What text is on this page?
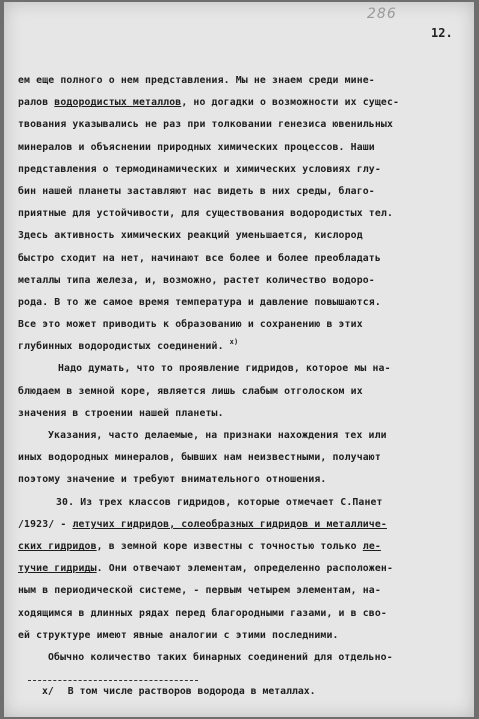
286
12.
ем еще полного о нем представления. Мы не знаем среди мине-
ралов водородистых металлов, но догадки о возможности их сущес-
твования указывались не раз при толковании генезиса ювенильных
минералов и объяснении природных химических процессов. Наши
представления о термодинамических и химических условиях глу-
бин нашей планеты заставляют нас видеть в них среды, благо-
приятные для устойчивости, для существования водородистых тел.
Здесь активность химических реакций уменьшается, кислород
быстро сходит на нет, начинают все более и более преобладать
металлы типа железа, и, возможно, растет количество водоро-
рода. В то же самое время температура и давление повышаются.
Все это может приводить к образованию и сохранению в этих
глубинных водородистых соединений. $^{x)}$
Надо думать, что то проявление гидридов, которое мы на-
блюдаем в земной коре, является лишь слабым отголоском их
значения в строении нашей планеты.
Указания, часто делаемые, на признаки нахождения тех или
иных водородных минералов, бывших нам неизвестными, получают
поэтому значение и требуют внимательного отношения.
30. Из трех классов гидридов, которые отмечает С.Панет
/1923/ - летучих гидридов, солеобразных гидридов и металличе-
ских гидридов, в земной коре известны с точностью только ле-
тучие гидриды. Они отвечают элементам, определенно расположен-
ным в периодической системе, - первым четырем элементам, на-
ходящимся в длинных рядах перед благородными газами, и в сво-
ей структуре имеют явные аналогии с этими последними.
Обычно количество таких бинарных соединений для отдельно-
x/ В том числе растворов водорода в металлах.
